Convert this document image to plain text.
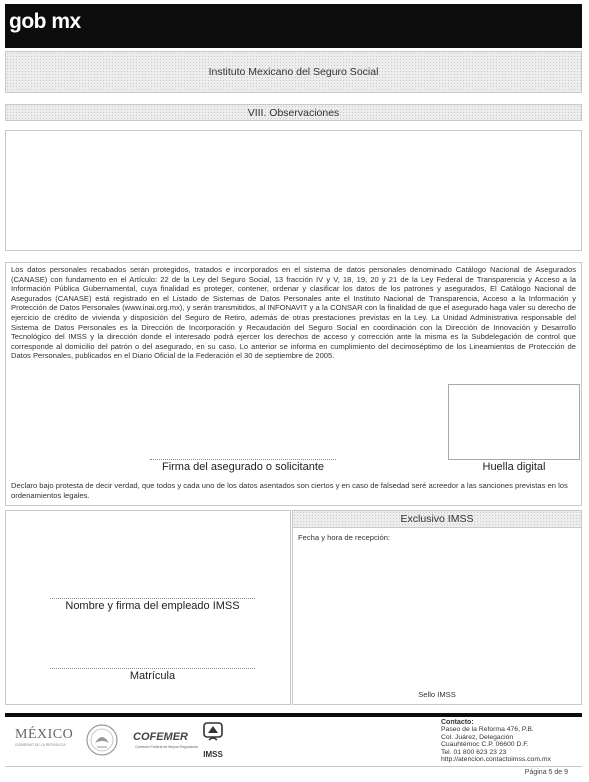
gob mx
Instituto Mexicano del Seguro Social
VIII. Observaciones
Los datos personales recabados serán protegidos, tratados e incorporados en el sistema de datos personales denominado Catálogo Nacional de Asegurados (CANASE) con fundamento en el Artículo: 22 de la Ley del Seguro Social, 13 fracción IV y V, 18, 19, 20 y 21 de la Ley Federal de Transparencia y Acceso a la Información Pública Gubernamental, cuya finalidad es proteger, contener, ordenar y clasificar los datos de los patrones y asegurados, El Catálogo Nacional de Asegurados (CANASE) está registrado en el Listado de Sistemas de Datos Personales ante el Instituto Nacional de Transparencia, Acceso a la Información y Protección de Datos Personales (www.inai.org.mx), y serán transmitidos, al INFONAVIT y a la CONSAR con la finalidad de que el asegurado haga valer su derecho de ejercicio de crédito de vivienda y disposición del Seguro de Retiro, además de otras prestaciones previstas en la Ley. La Unidad Administrativa responsable del Sistema de Datos Personales es la Dirección de Incorporación y Recaudación del Seguro Social en coordinación con la Dirección de Innovación y Desarrollo Tecnológico del IMSS y la dirección donde el interesado podrá ejercer los derechos de acceso y corrección ante la misma es la Subdelegación de control que corresponde al domicilio del patrón o del asegurado, en su caso. Lo anterior se informa en cumplimiento del decimoséptimo de los Lineamientos de Protección de Datos Personales, publicados en el Diario Oficial de la Federación el 30 de septiembre de 2005.
Firma del asegurado o solicitante	Huella digital
Declaro bajo protesta de decir verdad, que todos y cada uno de los datos asentados son ciertos y en caso de falsedad seré acreedor a las sanciones previstas en los ordenamientos legales.
Exclusivo IMSS
Fecha y hora de recepción:
Sello IMSS
Nombre y firma del empleado IMSS
Matrícula
MÉXICO
GOBIERNO DE LA REPÚBLICA
COFEMER
Comisión Federal de Mejora Regulatoria
IMSS
Contacto:
Paseo de la Reforma 476, P.B.
Col. Juárez, Delegación
Cuauhtémoc C.P. 06600 D.F.
Tel. 01 800 623 23 23
http://atencion.contactoimss.com.mx
Página 5 de 9
